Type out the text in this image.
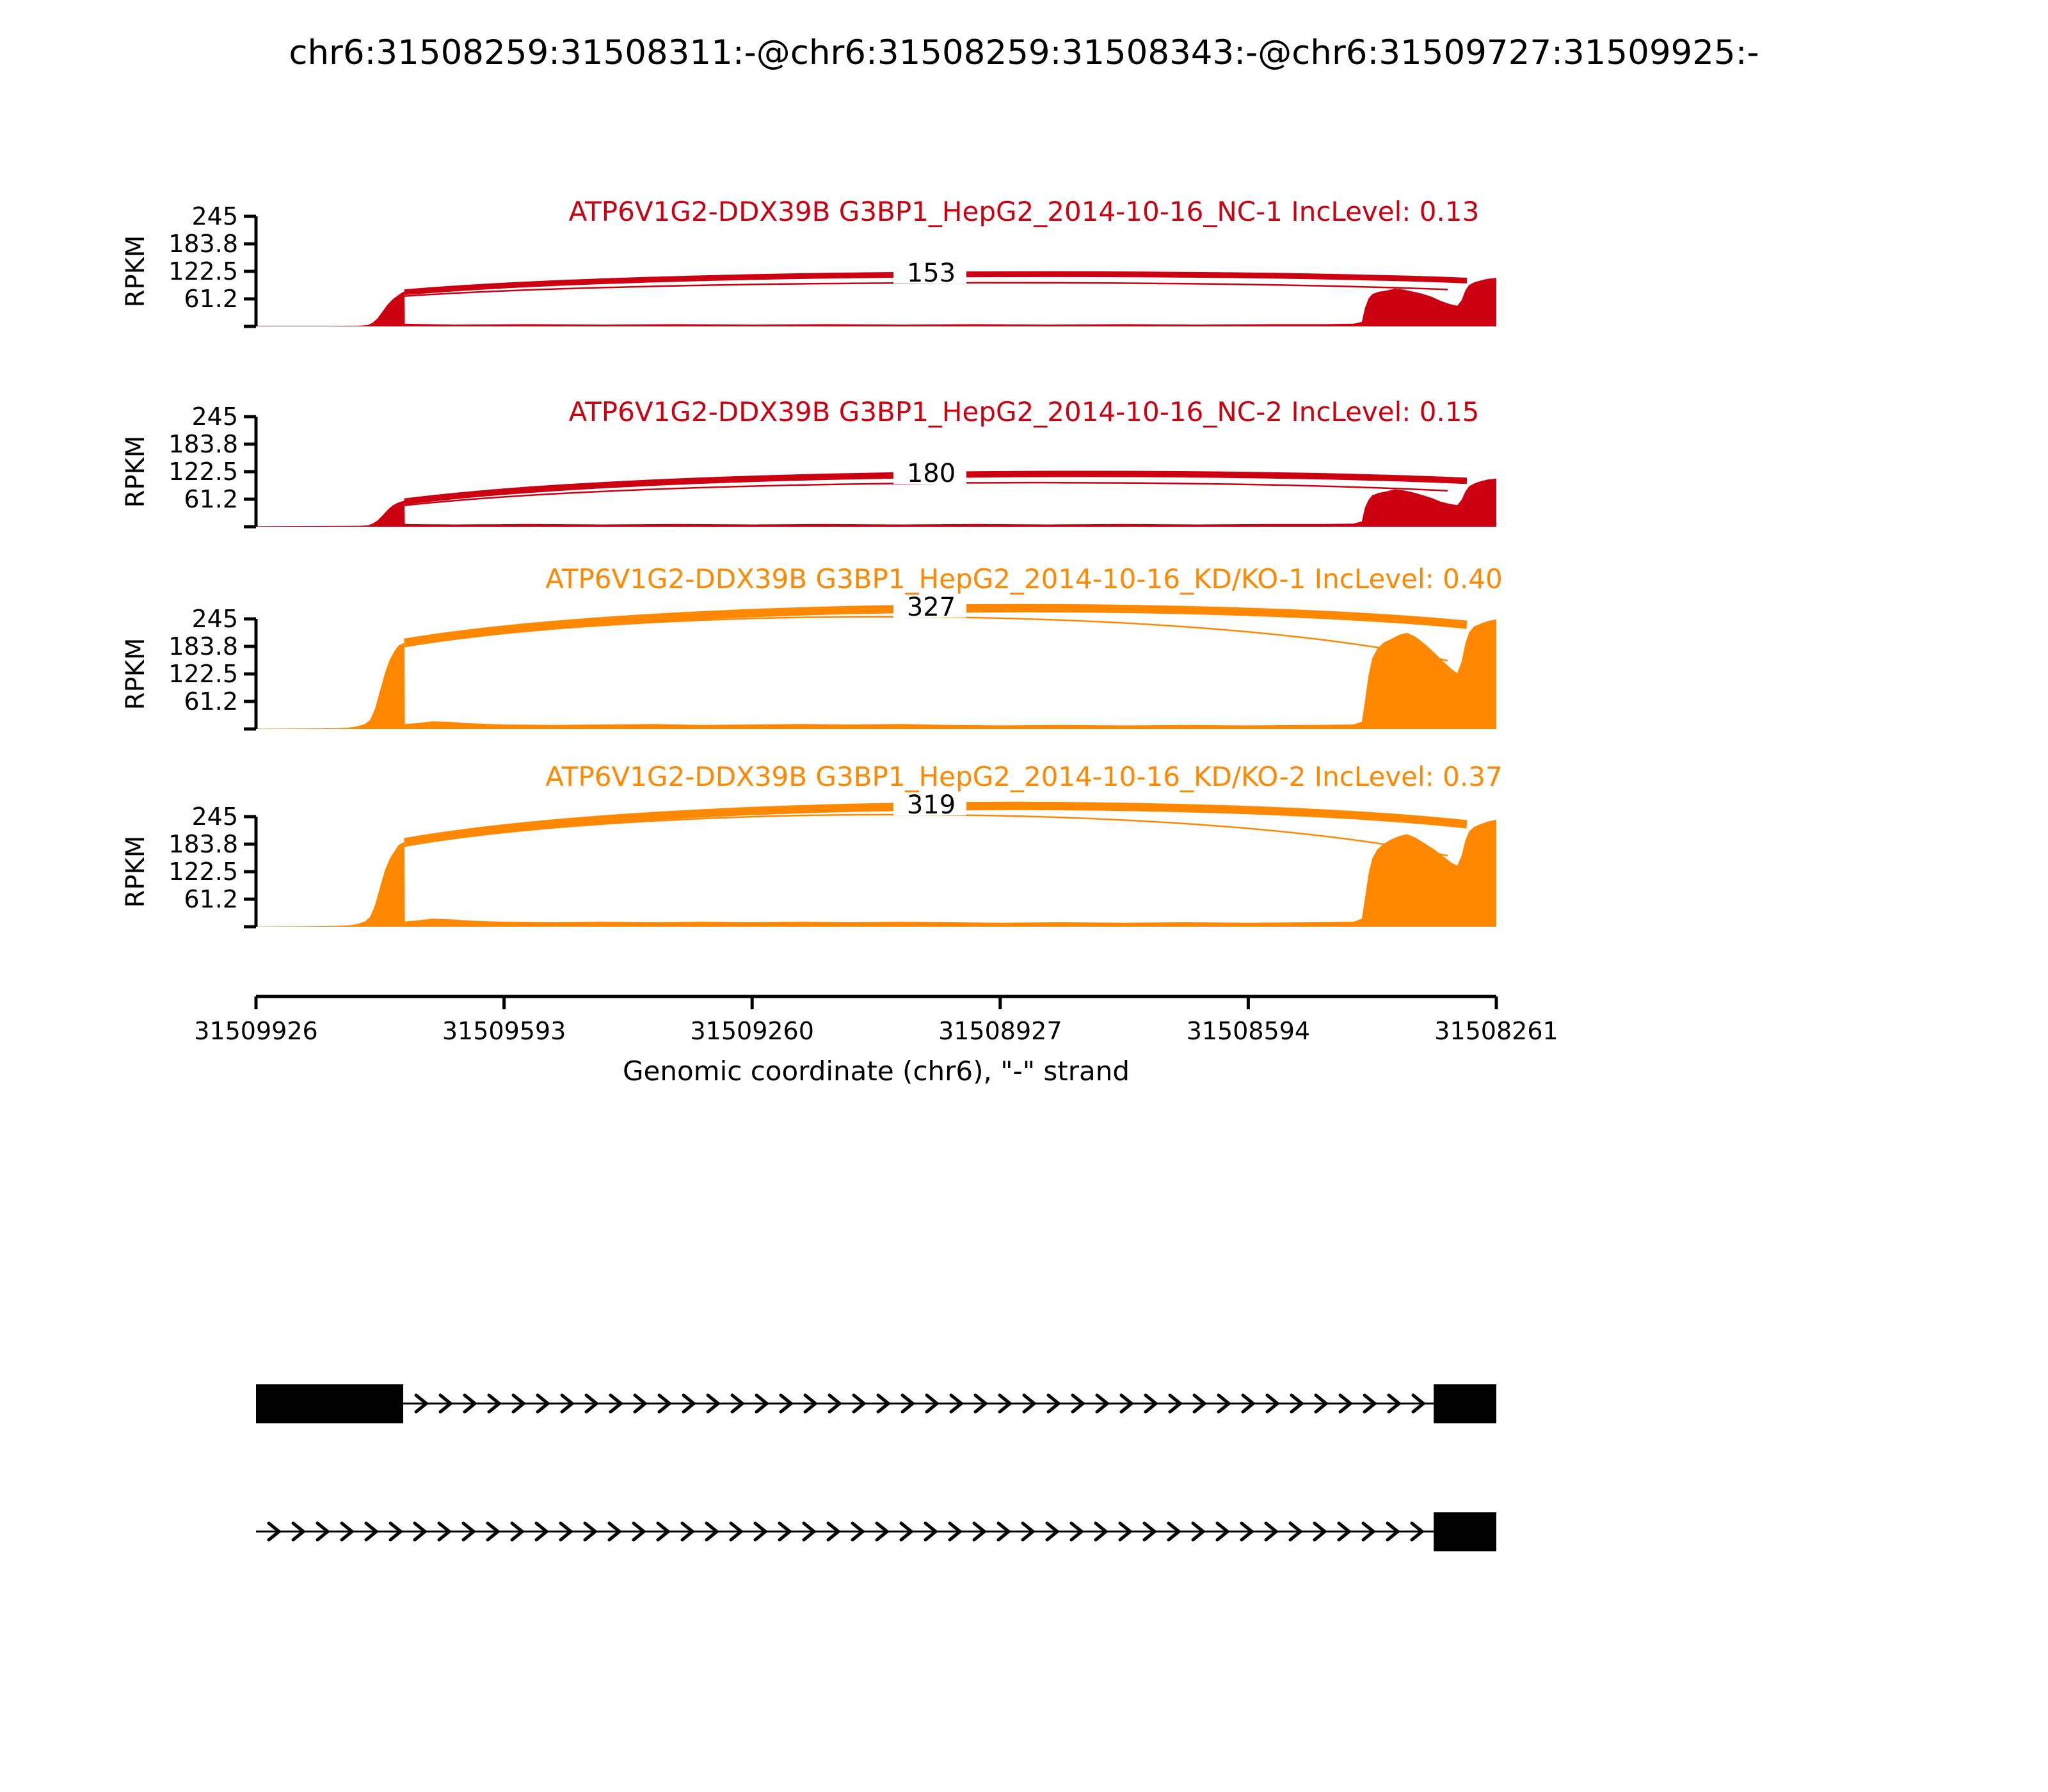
chr6:31508259:31508311:-@chr6:31508259:31508343:-@chr6:31509727:31509925:-
153
245
183.8
122.5
61.2
RPKM
ATP6V1G2-DDX39B G3BP1_HepG2_2014-10-16_NC-1 IncLevel: 0.13
180
245
183.8
122.5
61.2
RPKM
ATP6V1G2-DDX39B G3BP1_HepG2_2014-10-16_NC-2 IncLevel: 0.15
327
245
183.8
122.5
61.2
RPKM
ATP6V1G2-DDX39B G3BP1_HepG2_2014-10-16_KD/KO-1 IncLevel: 0.40
319
245
183.8
122.5
61.2
RPKM
ATP6V1G2-DDX39B G3BP1_HepG2_2014-10-16_KD/KO-2 IncLevel: 0.37
31509926	31509593	31509260	31508927	31508594	31508261
Genomic coordinate (chr6), "-" strand
